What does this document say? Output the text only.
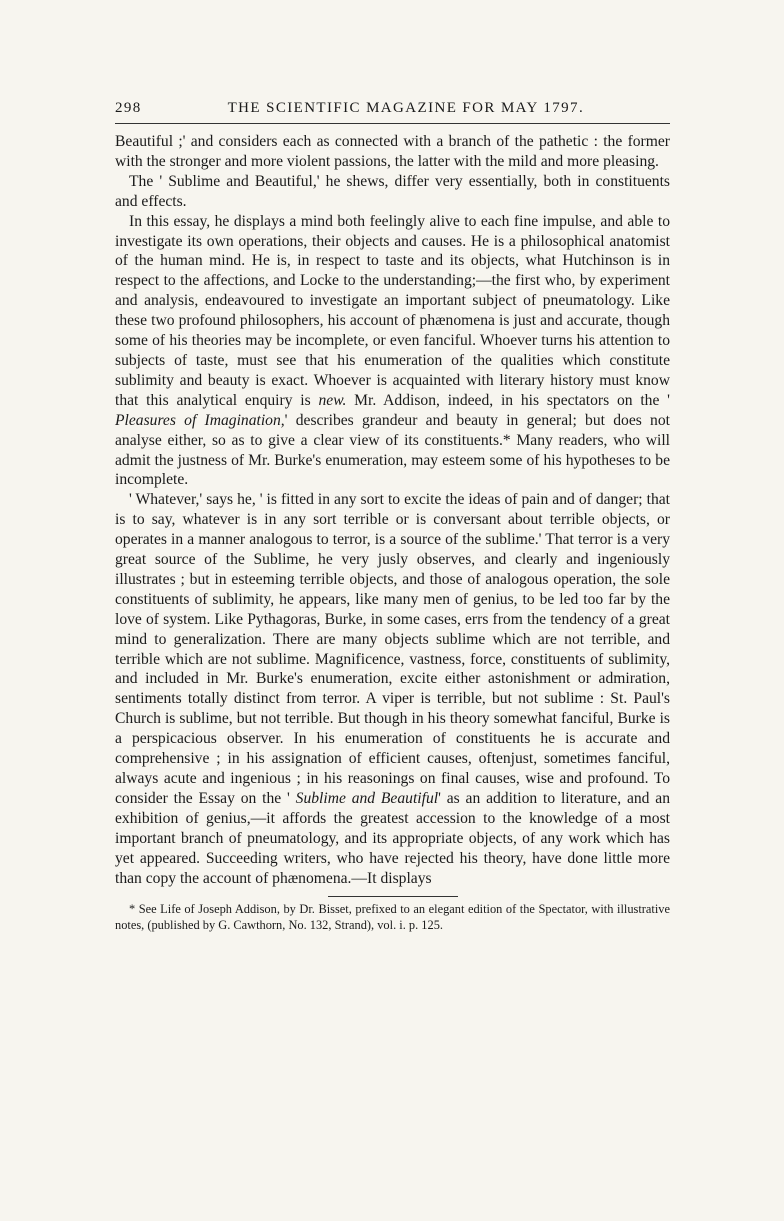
298	THE SCIENTIFIC MAGAZINE FOR MAY 1797.

Beautiful ;' and considers each as connected with a branch of the pathetic : the former with the stronger and more violent passions, the latter with the mild and more pleasing.

The ' Sublime and Beautiful,' he shews, differ very essentially, both in constituents and effects.

In this essay, he displays a mind both feelingly alive to each fine impulse, and able to investigate its own operations, their objects and causes. He is a philosophical anatomist of the human mind. He is, in respect to taste and its objects, what Hutchinson is in respect to the affections, and Locke to the understanding;—the first who, by experiment and analysis, endeavoured to investigate an important subject of pneumatology. Like these two profound philosophers, his account of phænomena is just and accurate, though some of his theories may be incomplete, or even fanciful. Whoever turns his attention to subjects of taste, must see that his enumeration of the qualities which constitute sublimity and beauty is exact. Whoever is acquainted with literary history must know that this analytical enquiry is new. Mr. Addison, indeed, in his spectators on the ' Pleasures of Imagination,' describes grandeur and beauty in general; but does not analyse either, so as to give a clear view of its constituents.* Many readers, who will admit the justness of Mr. Burke's enumeration, may esteem some of his hypotheses to be incomplete.

' Whatever,' says he, ' is fitted in any sort to excite the ideas of pain and of danger; that is to say, whatever is in any sort terrible or is conversant about terrible objects, or operates in a manner analogous to terror, is a source of the sublime.' That terror is a very great source of the Sublime, he very jusly observes, and clearly and ingeniously illustrates ; but in esteeming terrible objects, and those of analogous operation, the sole constituents of sublimity, he appears, like many men of genius, to be led too far by the love of system. Like Pythagoras, Burke, in some cases, errs from the tendency of a great mind to generalization. There are many objects sublime which are not terrible, and terrible which are not sublime. Magnificence, vastness, force, constituents of sublimity, and included in Mr. Burke's enumeration, excite either astonishment or admiration, sentiments totally distinct from terror. A viper is terrible, but not sublime : St. Paul's Church is sublime, but not terrible. But though in his theory somewhat fanciful, Burke is a perspicacious observer. In his enumeration of constituents he is accurate and comprehensive ; in his assignation of efficient causes, oftenjust, sometimes fanciful, always acute and ingenious ; in his reasonings on final causes, wise and profound. To consider the Essay on the ' Sublime and Beautiful' as an addition to literature, and an exhibition of genius,—it affords the greatest accession to the knowledge of a most important branch of pneumatology, and its appropriate objects, of any work which has yet appeared. Succeeding writers, who have rejected his theory, have done little more than copy the account of phænomena.—It displays

* See Life of Joseph Addison, by Dr. Bisset, prefixed to an elegant edition of the Spectator, with illustrative notes, (published by G. Cawthorn, No. 132, Strand), vol. i. p. 125.
